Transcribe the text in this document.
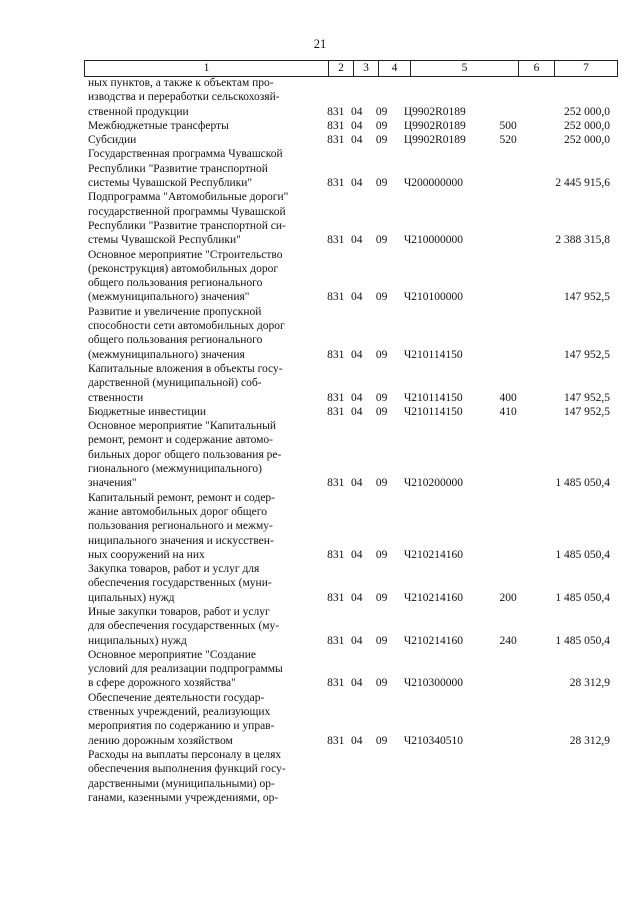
21
1	2	3	4	5	6	7
ных пунктов, а также к объектам про-
изводства и переработки сельскохозяй-
ственной продукции	831 04	09	Ц9902R0189	252 000,0
Межбюджетные трансферты	831 04	09	Ц9902R0189	500	252 000,0
Субсидии	831 04	09	Ц9902R0189	520	252 000,0
Государственная программа Чувашской
Республики "Развитие транспортной
системы Чувашской Республики"	831 04	09	Ч200000000	2 445 915,6
Подпрограмма "Автомобильные дороги"
государственной программы Чувашской
Республики "Развитие транспортной си-
стемы Чувашской Республики"	831 04	09	Ч210000000	2 388 315,8
Основное мероприятие "Строительство
(реконструкция) автомобильных дорог
общего пользования регионального
(межмуниципального) значения"	831 04	09	Ч210100000	147 952,5
Развитие и увеличение пропускной
способности сети автомобильных дорог
общего пользования регионального
(межмуниципального) значения	831 04	09	Ч210114150	147 952,5
Капитальные вложения в объекты госу-
дарственной (муниципальной) соб-
ственности	831 04	09	Ч210114150	400	147 952,5
Бюджетные инвестиции	831 04	09	Ч210114150	410	147 952,5
Основное мероприятие "Капитальный
ремонт, ремонт и содержание автомо-
бильных дорог общего пользования ре-
гионального (межмуниципального)
значения"	831 04	09	Ч210200000	1 485 050,4
Капитальный ремонт, ремонт и содер-
жание автомобильных дорог общего
пользования регионального и межму-
ниципального значения и искусствен-
ных сооружений на них	831 04	09	Ч210214160	1 485 050,4
Закупка товаров, работ и услуг для
обеспечения государственных (муни-
ципальных) нужд	831 04	09	Ч210214160	200	1 485 050,4
Иные закупки товаров, работ и услуг
для обеспечения государственных (му-
ниципальных) нужд	831 04	09	Ч210214160	240	1 485 050,4
Основное мероприятие "Создание
условий для реализации подпрограммы
в сфере дорожного хозяйства"	831 04	09	Ч210300000	28 312,9
Обеспечение деятельности государ-
ственных учреждений, реализующих
мероприятия по содержанию и управ-
лению дорожным хозяйством	831 04	09	Ч210340510	28 312,9
Расходы на выплаты персоналу в целях
обеспечения выполнения функций госу-
дарственными (муниципальными) ор-
ганами, казенными учреждениями, ор-
